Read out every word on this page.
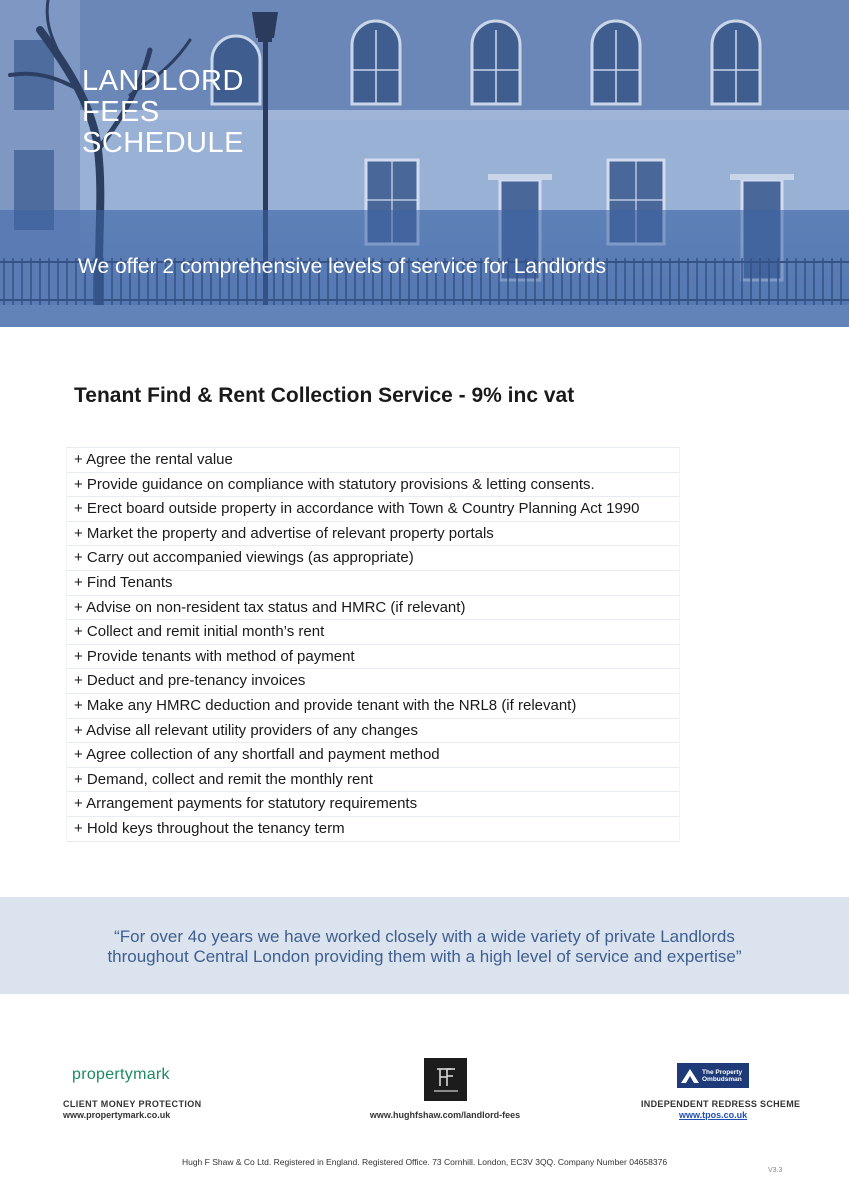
LANDLORD
FEES
SCHEDULE
We offer 2 comprehensive levels of service for Landlords
Tenant Find & Rent Collection Service - 9% inc vat
+ Agree the rental value
+ Provide guidance on compliance with statutory provisions & letting consents.
+ Erect board outside property in accordance with Town & Country Planning Act 1990
+ Market the property and advertise of relevant property portals
+ Carry out accompanied viewings (as appropriate)
+ Find Tenants
+ Advise on non-resident tax status and HMRC (if relevant)
+ Collect and remit initial month’s rent
+ Provide tenants with method of payment
+ Deduct and pre-tenancy invoices
+ Make any HMRC deduction and provide tenant with the NRL8 (if relevant)
+ Advise all relevant utility providers of any changes
+ Agree collection of any shortfall and payment method
+ Demand, collect and remit the monthly rent
+ Arrangement payments for statutory requirements
+ Hold keys throughout the tenancy term
“For over 4o years we have worked closely with a wide variety of private Landlords
throughout Central London providing them with a high level of service and expertise”
propertymark
CLIENT MONEY PROTECTION
www.propertymark.co.uk	www.hughfshaw.com/landlord-fees
The Property
Ombudsman
INDEPENDENT REDRESS SCHEME
www.tpos.co.uk
Hugh F Shaw & Co Ltd. Registered in England. Registered Office. 73 Cornhill. London, EC3V 3QQ. Company Number 04658376
V3.3
